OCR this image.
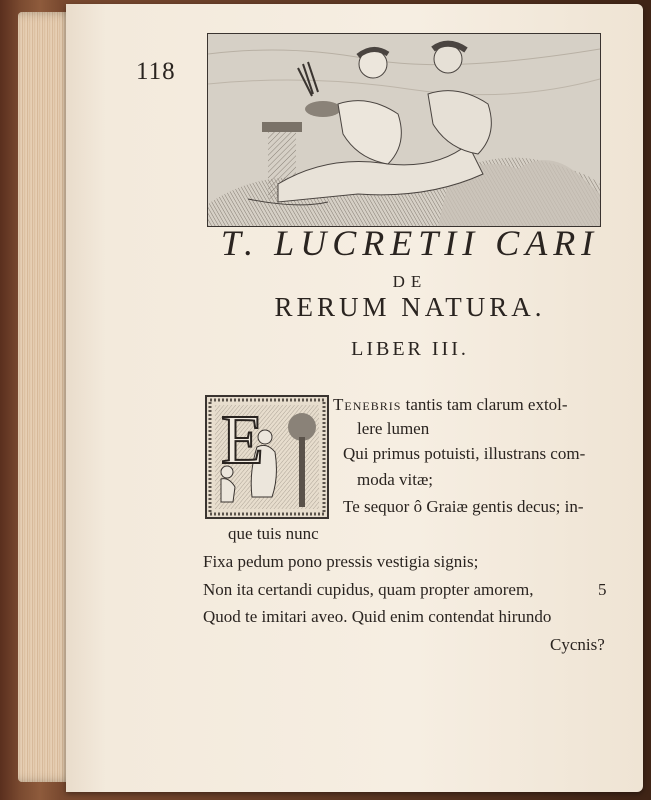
118
T. LUCRETII CARI
DE
RERUM NATURA.
LIBER III.
E	Tenebris tantis tam clarum extol-
lere lumen
Qui primus potuisti, illustrans com-
moda vitæ;
Te sequor ô Graiæ gentis decus; in-
que tuis nunc
Fixa pedum pono pressis vestigia signis;
Non ita certandi cupidus, quam propter amorem,
Quod te imitari aveo. Quid enim contendat hirundo
Cycnis?
5
